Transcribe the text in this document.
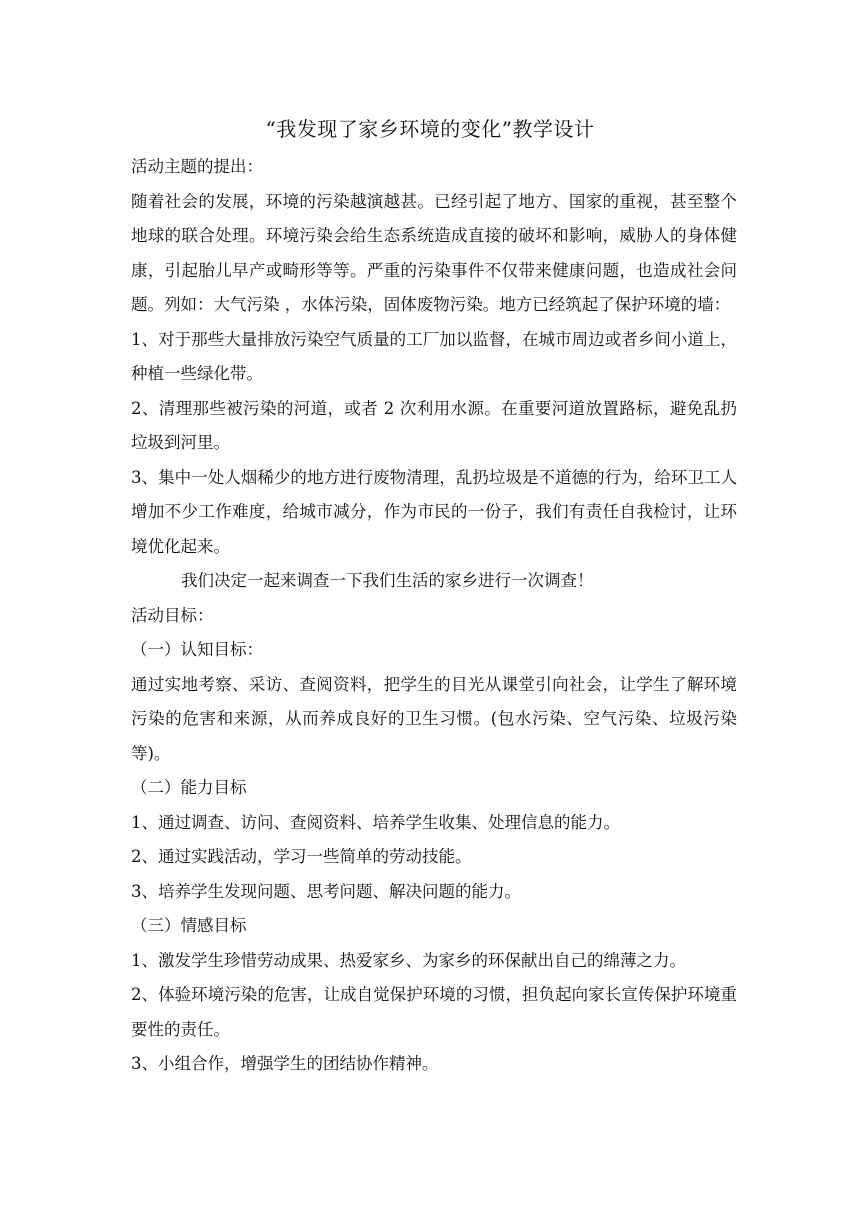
“我发现了家乡环境的变化”教学设计

活动主题的提出：

随着社会的发展，环境的污染越演越甚。已经引起了地方、国家的重视，甚至整个地球的联合处理。环境污染会给生态系统造成直接的破坏和影响，威胁人的身体健康，引起胎儿早产或畸形等等。严重的污染事件不仅带来健康问题，也造成社会问题。列如：大气污染 ，水体污染，固体废物污染。地方已经筑起了保护环境的墙：

1、对于那些大量排放污染空气质量的工厂加以监督，在城市周边或者乡间小道上，种植一些绿化带。

2、清理那些被污染的河道，或者 2 次利用水源。在重要河道放置路标，避免乱扔垃圾到河里。

3、集中一处人烟稀少的地方进行废物清理，乱扔垃圾是不道德的行为，给环卫工人增加不少工作难度，给城市减分，作为市民的一份子，我们有责任自我检讨，让环境优化起来。

我们决定一起来调查一下我们生活的家乡进行一次调查！

活动目标：

（一）认知目标：

通过实地考察、采访、查阅资料，把学生的目光从课堂引向社会，让学生了解环境污染的危害和来源，从而养成良好的卫生习惯。(包水污染、空气污染、垃圾污染等)。

（二）能力目标

1、通过调查、访问、查阅资料、培养学生收集、处理信息的能力。

2、通过实践活动，学习一些简单的劳动技能。

3、培养学生发现问题、思考问题、解决问题的能力。

（三）情感目标

1、激发学生珍惜劳动成果、热爱家乡、为家乡的环保献出自己的绵薄之力。

2、体验环境污染的危害，让成自觉保护环境的习惯，担负起向家长宣传保护环境重要性的责任。

3、小组合作，增强学生的团结协作精神。
